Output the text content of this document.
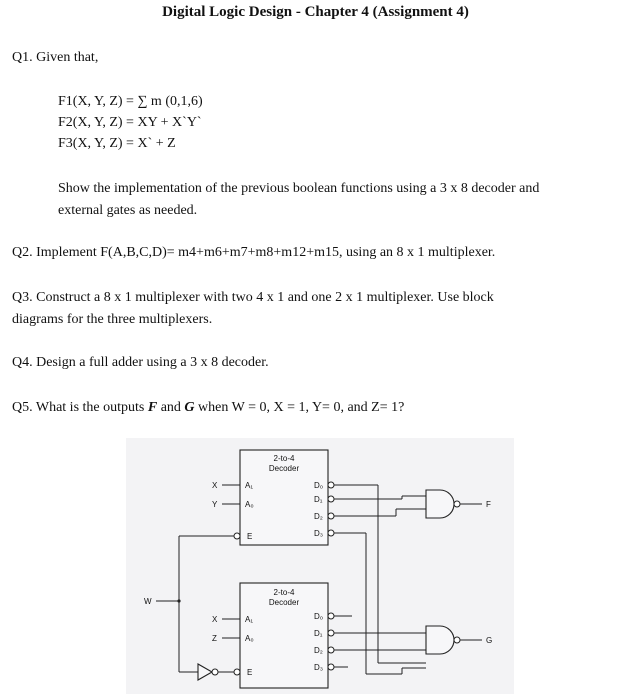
Digital Logic Design - Chapter 4 (Assignment 4)
Q1. Given that,
F1(X, Y, Z) = ∑ m (0,1,6)
F2(X, Y, Z) = XY + X`Y`
F3(X, Y, Z) = X` + Z
Show the implementation of the previous boolean functions using a 3 x 8 decoder and
external gates as needed.
Q2. Implement F(A,B,C,D)= m4+m6+m7+m8+m12+m15, using an 8 x 1 multiplexer.
Q3. Construct a 8 x 1 multiplexer with two 4 x 1 and one 2 x 1 multiplexer. Use block
diagrams for the three multiplexers.
Q4. Design a full adder using a 3 x 8 decoder.
Q5. What is the outputs F and G when W = 0, X = 1, Y= 0, and Z= 1?
2-to-4
Decoder
A₁
A₀
E
D₀
D₁
D₂
D₃
X
Y	F
W
2-to-4
Decoder
A₁
A₀
E
D₀
D₁
D₂
D₃
X
Z	G
